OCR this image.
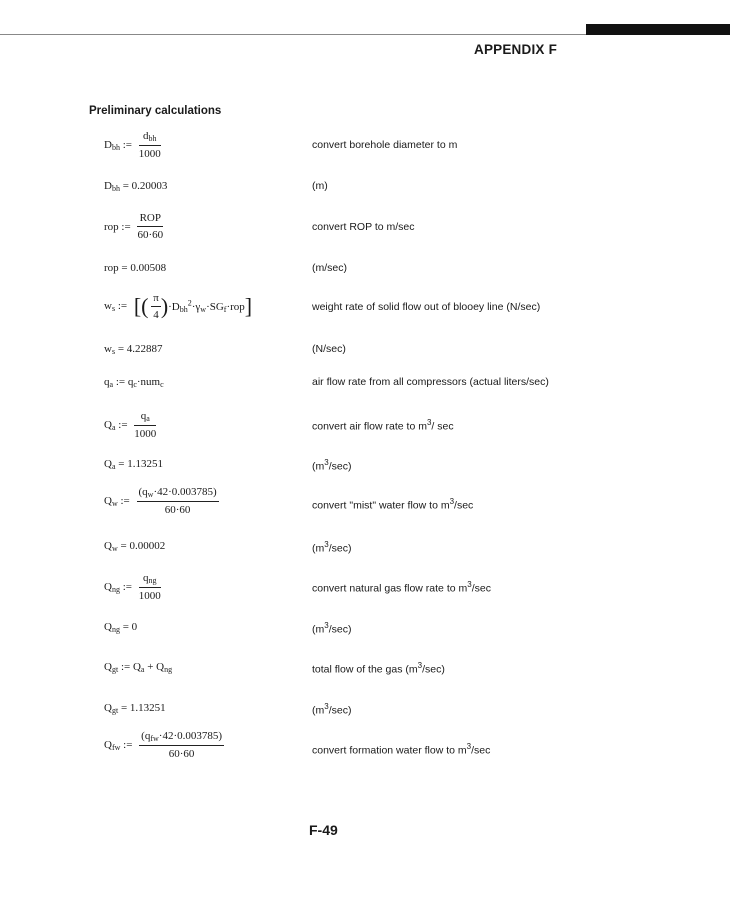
APPENDIX F
Preliminary calculations
$D_{bh}$ := $\frac{d_{bh}}{1000}$	convert borehole diameter to m
$D_{bh} = 0.20003$	(m)
rop := $\frac{\text{ROP}}{60\cdot 60}$	convert ROP to m/sec
rop = 0.00508	(m/sec)
$w_s$ := [( $\frac{\pi}{4} )\cdot D_{bh}^2\cdot\gamma_w\cdot SG_f\cdot rop$]	weight rate of solid flow out of blooey line (N/sec)
$w_s = 4.22887$	(N/sec)
$q_a$ := $q_c\cdot num_c$	air flow rate from all compressors (actual liters/sec)
$Q_a$ := $\frac{q_a}{1000}$	convert air flow rate to $m^3/$ sec
$Q_a = 1.13251$	$(m^3/\sec)$
$Q_w$ := $\frac{(q_w\cdot 42\cdot 0.003785)}{60\cdot 60}$	convert "mist" water flow to $m^3/\sec$
$Q_w = 0.00002$	$(m^3/\sec)$
$Q_{ng}$ := $\frac{q_{ng}}{1000}$	convert natural gas flow rate to $m^3/\sec$
$Q_{ng} = 0$	$(m^3/\sec)$
$Q_{gt}$ := $Q_a + Q_{ng}$	total flow of the gas $(m^3/\sec)$
$Q_{gt} = 1.13251$	$(m^3/\sec)$
$Q_{fw}$ := $\frac{(q_{fw}\cdot 42\cdot 0.003785)}{60\cdot 60}$	convert formation water flow to $m^3/\sec$
F-49
